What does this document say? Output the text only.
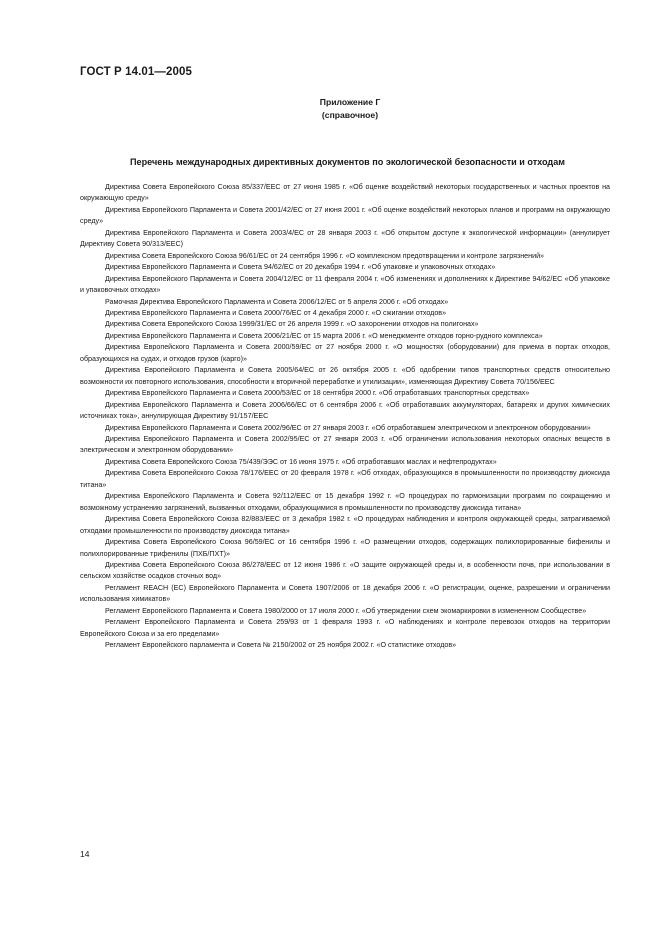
ГОСТ Р 14.01—2005
Приложение Г
(справочное)
Перечень международных директивных документов по экологической безопасности и отходам

Директива Совета Европейского Союза 85/337/EEC от 27 июня 1985 г. «Об оценке воздействий некоторых государственных и частных проектов на окружающую среду»

Директива Европейского Парламента и Совета 2001/42/ЕС от 27 июня 2001 г. «Об оценке воздействий некоторых планов и программ на окружающую среду»

Директива Европейского Парламента и Совета 2003/4/ЕС от 28 января 2003 г. «Об открытом доступе к экологической информации» (аннулирует Директиву Совета 90/313/EEC)

Директива Совета Европейского Союза 96/61/ЕС от 24 сентября 1996 г. «О комплексном предотвращении и контроле загрязнений»

Директива Европейского Парламента и Совета 94/62/ЕС от 20 декабря 1994 г. «Об упаковке и упаковочных отходах»

Директива Европейского Парламента и Совета 2004/12/ЕС от 11 февраля 2004 г. «Об изменениях и дополнениях к Директиве 94/62/ЕС «Об упаковке и упаковочных отходах»

Рамочная Директива Европейского Парламента и Совета 2006/12/ЕС от 5 апреля 2006 г. «Об отходах»

Директива Европейского Парламента и Совета 2000/76/ЕС от 4 декабря 2000 г. «О сжигании отходов»

Директива Совета Европейского Союза 1999/31/ЕС от 26 апреля 1999 г. «О захоронении отходов на полигонах»

Директива Европейского Парламента и Совета 2006/21/ЕС от 15 марта 2006 г. «О менеджменте отходов горно-рудного комплекса»

Директива Европейского Парламента и Совета 2000/59/ЕС от 27 ноября 2000 г. «О мощностях (оборудовании) для приема в портах отходов, образующихся на судах, и отходов грузов (карго)»

Директива Европейского Парламента и Совета 2005/64/ЕС от 26 октября 2005 г. «Об одобрении типов транспортных средств относительно возможности их повторного использования, способности к вторичной переработке и утилизации», изменяющая Директиву Совета 70/156/EEC

Директива Европейского Парламента и Совета 2000/53/ЕС от 18 сентября 2000 г. «Об отработавших транспортных средствах»

Директива Европейского Парламента и Совета 2006/66/ЕС от 6 сентября 2006 г. «Об отработавших аккумуляторах, батареях и других химических источниках тока», аннулирующая Директиву 91/157/EEC

Директива Европейского Парламента и Совета 2002/96/ЕС от 27 января 2003 г. «Об отработавшем электрическом и электронном оборудовании»

Директива Европейского Парламента и Совета 2002/95/ЕС от 27 января 2003 г. «Об ограничении использования некоторых опасных веществ в электрическом и электронном оборудовании»

Директива Совета Европейского Союза 75/439/ЭЭС от 16 июня 1975 г. «Об отработавших маслах и нефтепродуктах»

Директива Совета Европейского Союза 78/176/EEC от 20 февраля 1978 г. «Об отходах, образующихся в промышленности по производству диоксида титана»

Директива Европейского Парламента и Совета 92/112/EEC от 15 декабря 1992 г. «О процедурах по гармонизации программ по сокращению и возможному устранению загрязнений, вызванных отходами, образующимися в промышленности по производству диоксида титана»

Директива Совета Европейского Союза 82/883/EEC от 3 декабря 1982 г. «О процедурах наблюдения и контроля окружающей среды, затрагиваемой отходами промышленности по производству диоксида титана»

Директива Совета Европейского Союза 96/59/ЕС от 16 сентября 1996 г. «О размещении отходов, содержащих полихлорированные бифенилы и полихлорированные трифенилы (ПХБ/ПХТ)»

Директива Совета Европейского Союза 86/278/EEC от 12 июня 1986 г. «О защите окружающей среды и, в особенности почв, при использовании в сельском хозяйстве осадков сточных вод»

Регламент REACH (ЕС) Европейского Парламента и Совета 1907/2006 от 18 декабря 2006 г. «О регистрации, оценке, разрешении и ограничении использования химикатов»

Регламент Европейского Парламента и Совета 1980/2000 от 17 июля 2000 г. «Об утверждении схем экомаркировки в измененном Сообществе»

Регламент Европейского Парламента и Совета 259/93 от 1 февраля 1993 г. «О наблюдениях и контроле перевозок отходов на территории Европейского Союза и за его пределами»

Регламент Европейского парламента и Совета № 2150/2002 от 25 ноября 2002 г. «О статистике отходов»

14
